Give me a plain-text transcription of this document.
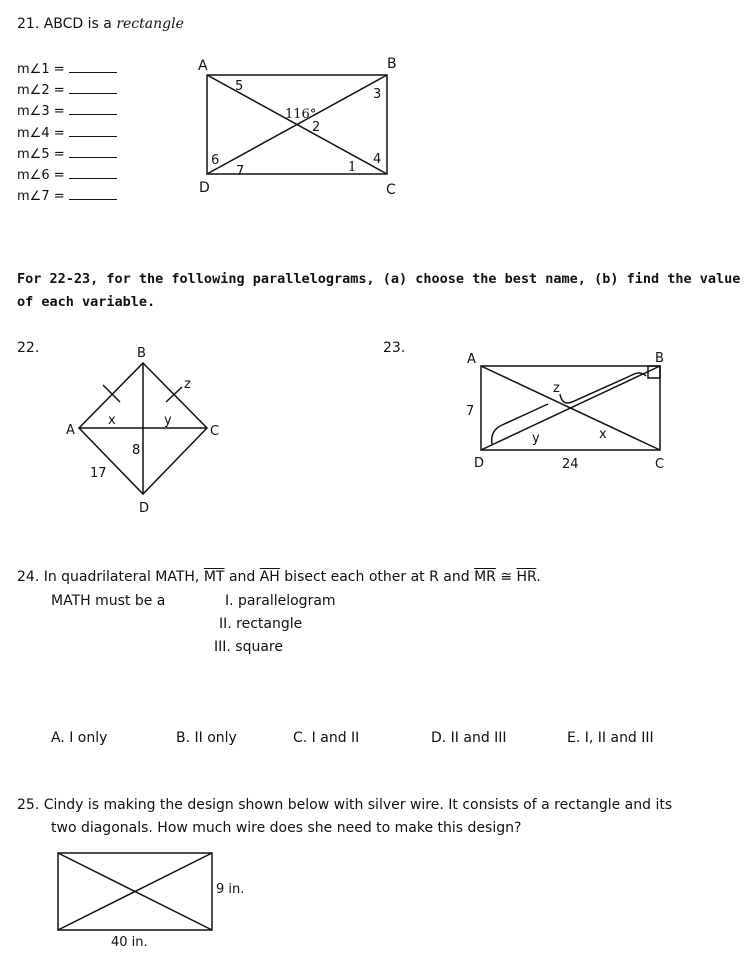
21. ABCD is a rectangle
m∠1 =
m∠2 =
m∠3 =
m∠4 =
m∠5 =
m∠6 =
m∠7 =
A	B
C
D
5
3
116°
2
6
7	1
4
For 22-23, for the following parallelograms, (a) choose the best name, (b) find the value
of each variable.
22.	B
A	C
D
x	y
z
8
17
23.
A	B
C
D
7
24
z
y	x
24. In quadrilateral MATH, $\overline{MT}$ and $\overline{AH}$ bisect each other at R and $\overline{MR}$ ≅ $\overline{HR}$.
MATH must be a	I. parallelogram
II. rectangle
III. square
A. I only	B. II only	C. I and II	D. II and III	E. I, II and III
25. Cindy is making the design shown below with silver wire. It consists of a rectangle and its
two diagonals. How much wire does she need to make this design?
9 in.
40 in.
